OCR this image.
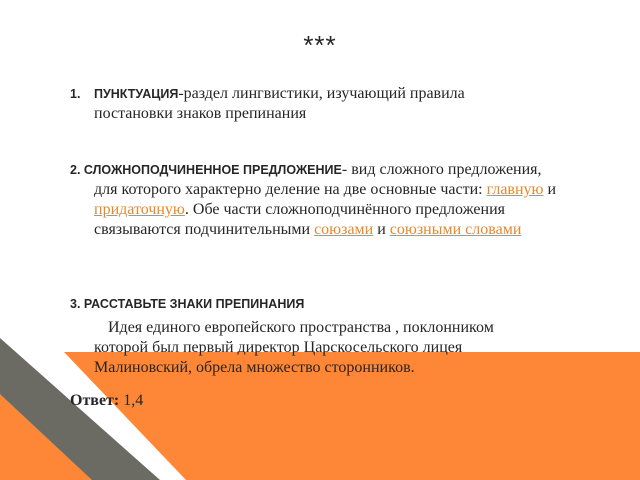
***
1.	ПУНКТУАЦИЯ-раздел лингвистики, изучающий правила постановки знаков препинания
2. СЛОЖНОПОДЧИНЕННОЕ ПРЕДЛОЖЕНИЕ- вид сложного предложения, для которого характерно деление на две основные части: главную и придаточную. Обе части сложноподчинённого предложения связываются подчинительными союзами и союзными словами
3. РАССТАВЬТЕ ЗНАКИ ПРЕПИНАНИЯ
Идея единого европейского пространства , поклонником которой был первый директор Царскосельского лицея Малиновский, обрела множество сторонников.
Ответ: 1,4
